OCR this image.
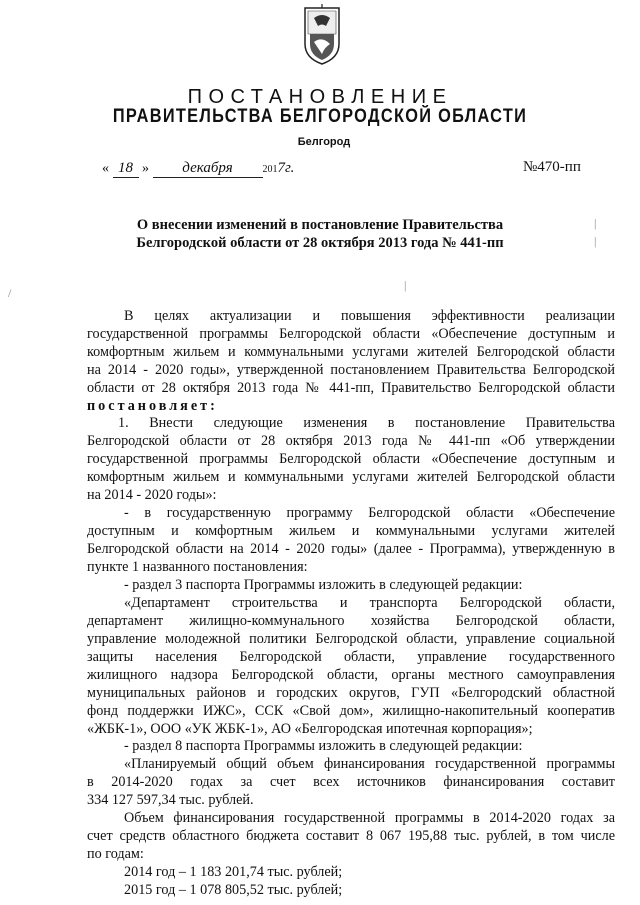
ПОСТАНОВЛЕНИЕ
ПРАВИТЕЛЬСТВА БЕЛГОРОДСКОЙ ОБЛАСТИ
Белгород
« 18 » декабря	2017г.	№470-пп
О внесении изменений в постановление Правительства
Белгородской области от 28 октября 2013 года № 441-пп
|
|
|
/
В целях актуализации и повышения эффективности реализации
государственной программы Белгородской области «Обеспечение доступным и
комфортным жильем и коммунальными услугами жителей Белгородской области
на 2014 - 2020 годы», утвержденной постановлением Правительства Белгородской
области от 28 октября 2013 года № 441-пп, Правительство Белгородской области
постановляет:
1. Внести следующие изменения в постановление Правительства
Белгородской области от 28 октября 2013 года № 441-пп «Об утверждении
государственной программы Белгородской области «Обеспечение доступным и
комфортным жильем и коммунальными услугами жителей Белгородской области
на 2014 - 2020 годы»:
- в государственную программу Белгородской области «Обеспечение
доступным и комфортным жильем и коммунальными услугами жителей
Белгородской области на 2014 - 2020 годы» (далее - Программа), утвержденную в
пункте 1 названного постановления:
- раздел 3 паспорта Программы изложить в следующей редакции:
«Департамент строительства и транспорта Белгородской области,
департамент жилищно-коммунального хозяйства Белгородской области,
управление молодежной политики Белгородской области, управление социальной
защиты населения Белгородской области, управление государственного
жилищного надзора Белгородской области, органы местного самоуправления
муниципальных районов и городских округов, ГУП «Белгородский областной
фонд поддержки ИЖС», ССК «Свой дом», жилищно-накопительный кооператив
«ЖБК-1», ООО «УК ЖБК-1», АО «Белгородская ипотечная корпорация»;
- раздел 8 паспорта Программы изложить в следующей редакции:
«Планируемый общий объем финансирования государственной программы
в 2014-2020 годах за счет всех источников финансирования составит
334 127 597,34 тыс. рублей.
Объем финансирования государственной программы в 2014-2020 годах за
счет средств областного бюджета составит 8 067 195,88 тыс. рублей, в том числе
по годам:
2014 год – 1 183 201,74 тыс. рублей;
2015 год – 1 078 805,52 тыс. рублей;
